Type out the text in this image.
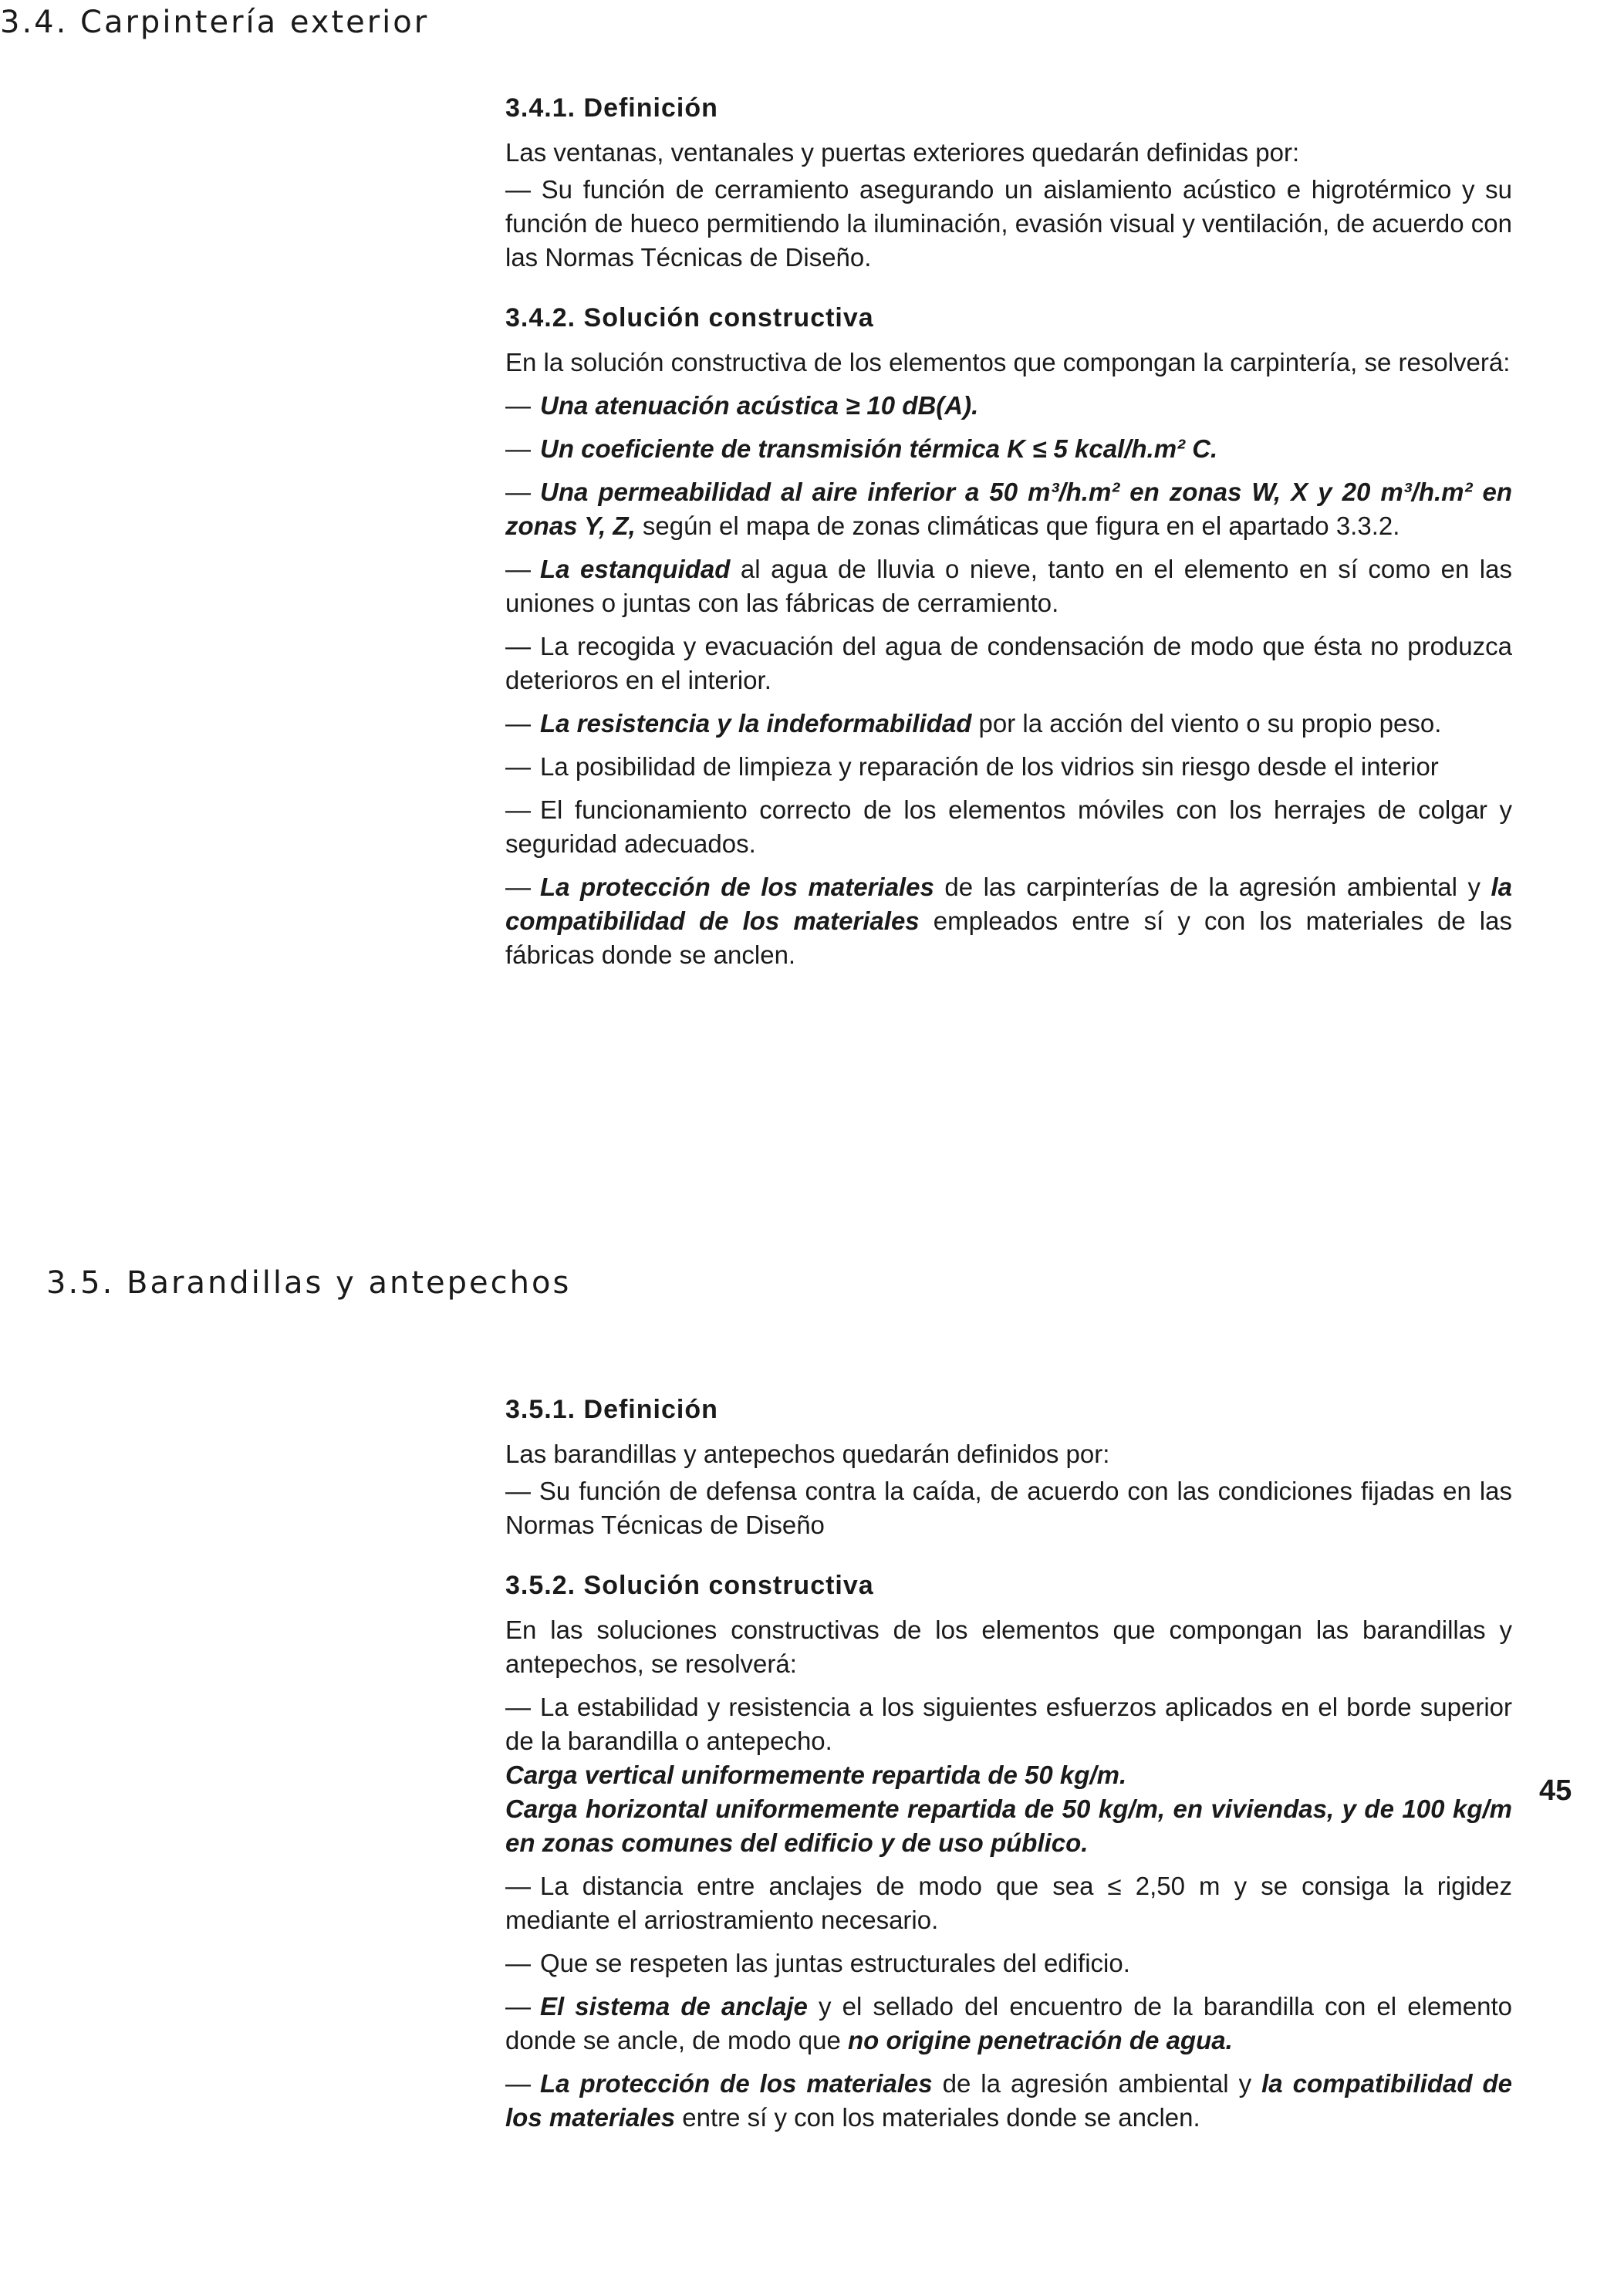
3.4. Carpintería exterior
3.4.1. Definición

Las ventanas, ventanales y puertas exteriores quedarán definidas por:

— Su función de cerramiento asegurando un aislamiento acústico e higrotérmico y su función de hueco permitiendo la iluminación, evasión visual y ventilación, de acuerdo con las Normas Técnicas de Diseño.

3.4.2. Solución constructiva

En la solución constructiva de los elementos que compongan la carpintería, se resolverá:

— Una atenuación acústica ≥ 10 dB(A).

— Un coeficiente de transmisión térmica K ≤ 5 kcal/h.m² C.

— Una permeabilidad al aire inferior a 50 m³/h.m² en zonas W, X y 20 m³/h.m² en zonas Y, Z, según el mapa de zonas climáticas que figura en el apartado 3.3.2.

— La estanquidad al agua de lluvia o nieve, tanto en el elemento en sí como en las uniones o juntas con las fábricas de cerramiento.

— La recogida y evacuación del agua de condensación de modo que ésta no produzca deterioros en el interior.

— La resistencia y la indeformabilidad por la acción del viento o su propio peso.

— La posibilidad de limpieza y reparación de los vidrios sin riesgo desde el interior

— El funcionamiento correcto de los elementos móviles con los herrajes de colgar y seguridad adecuados.

— La protección de los materiales de las carpinterías de la agresión ambiental y la compatibilidad de los materiales empleados entre sí y con los materiales de las fábricas donde se anclen.

3.5. Barandillas y antepechos
3.5.1. Definición

Las barandillas y antepechos quedarán definidos por:

— Su función de defensa contra la caída, de acuerdo con las condiciones fijadas en las Normas Técnicas de Diseño

3.5.2. Solución constructiva

En las soluciones constructivas de los elementos que compongan las barandillas y antepechos, se resolverá:

— La estabilidad y resistencia a los siguientes esfuerzos aplicados en el borde superior de la barandilla o antepecho.

Carga vertical uniformemente repartida de 50 kg/m.

Carga horizontal uniformemente repartida de 50 kg/m, en viviendas, y de 100 kg/m en zonas comunes del edificio y de uso público.

— La distancia entre anclajes de modo que sea ≤ 2,50 m y se consiga la rigidez mediante el arriostramiento necesario.

— Que se respeten las juntas estructurales del edificio.

— El sistema de anclaje y el sellado del encuentro de la barandilla con el elemento donde se ancle, de modo que no origine penetración de agua.

— La protección de los materiales de la agresión ambiental y la compatibilidad de los materiales entre sí y con los materiales donde se anclen.

45
